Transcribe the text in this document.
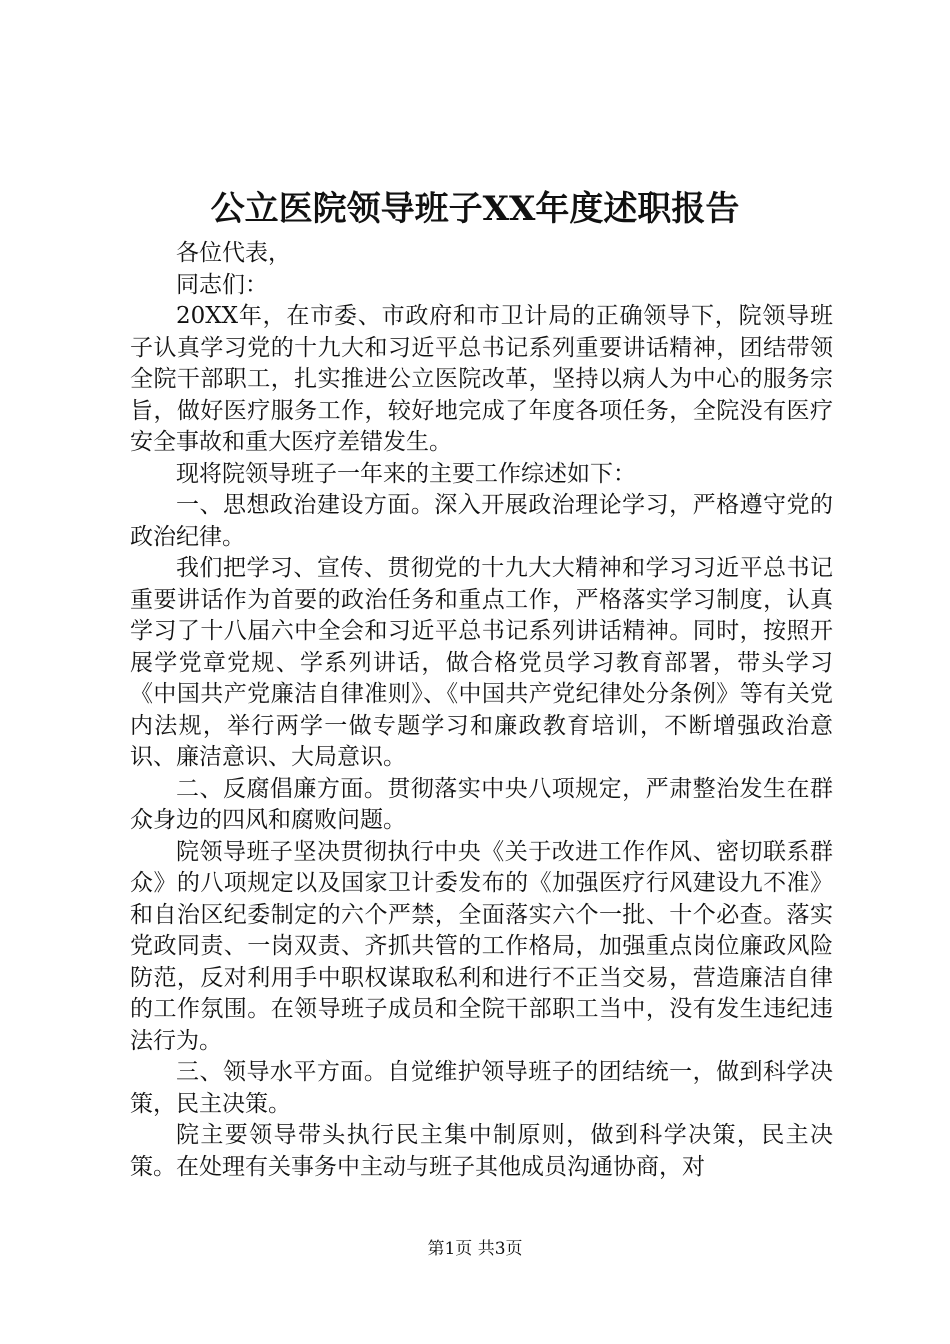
公立医院领导班子XX年度述职报告

各位代表，

同志们：

20XX年，在市委、市政府和市卫计局的正确领导下，院领导班子认真学习党的十九大和习近平总书记系列重要讲话精神，团结带领全院干部职工，扎实推进公立医院改革，坚持以病人为中心的服务宗旨，做好医疗服务工作，较好地完成了年度各项任务，全院没有医疗安全事故和重大医疗差错发生。

现将院领导班子一年来的主要工作综述如下：

一、思想政治建设方面。深入开展政治理论学习，严格遵守党的政治纪律。

我们把学习、宣传、贯彻党的十九大大精神和学习习近平总书记重要讲话作为首要的政治任务和重点工作，严格落实学习制度，认真学习了十八届六中全会和习近平总书记系列讲话精神。同时，按照开展学党章党规、学系列讲话，做合格党员学习教育部署，带头学习《中国共产党廉洁自律准则》、《中国共产党纪律处分条例》等有关党内法规，举行两学一做专题学习和廉政教育培训，不断增强政治意识、廉洁意识、大局意识。

二、反腐倡廉方面。贯彻落实中央八项规定，严肃整治发生在群众身边的四风和腐败问题。

院领导班子坚决贯彻执行中央《关于改进工作作风、密切联系群众》的八项规定以及国家卫计委发布的《加强医疗行风建设九不准》和自治区纪委制定的六个严禁，全面落实六个一批、十个必查。落实党政同责、一岗双责、齐抓共管的工作格局，加强重点岗位廉政风险防范，反对利用手中职权谋取私利和进行不正当交易，营造廉洁自律的工作氛围。在领导班子成员和全院干部职工当中，没有发生违纪违法行为。

三、领导水平方面。自觉维护领导班子的团结统一，做到科学决策，民主决策。

院主要领导带头执行民主集中制原则，做到科学决策，民主决策。在处理有关事务中主动与班子其他成员沟通协商，对

第1页 共3页
